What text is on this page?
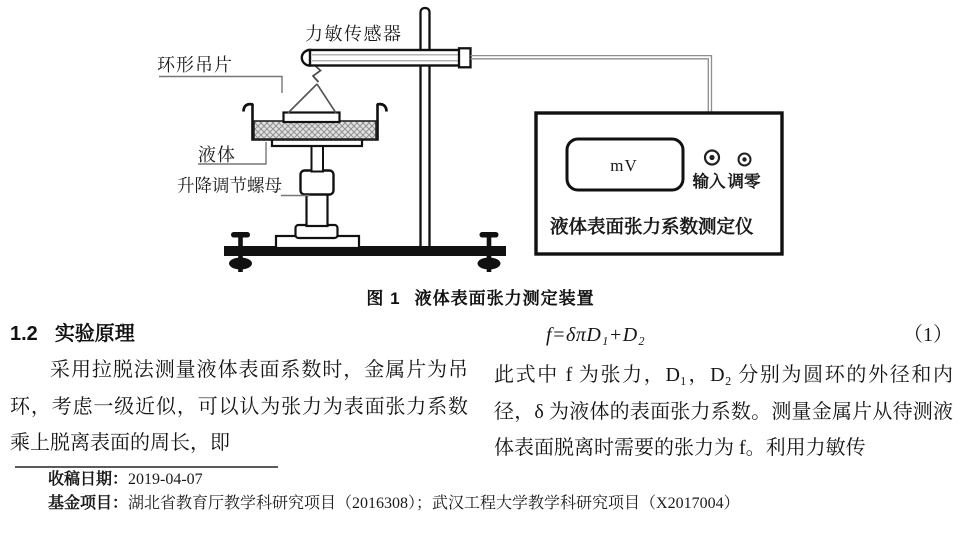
mV
输入 调零
液体表面张力系数测定仪
力敏传感器
环形吊片
液体
升降调节螺母
图 1 液体表面张力测定装置
1.2 实验原理

采用拉脱法测量液体表面系数时，金属片为吊环，考虑一级近似，可以认为张力为表面张力系数乘上脱离表面的周长，即

f=δπD₁+D₂	（1）

此式中 f 为张力，D₁，D₂ 分别为圆环的外径和内径，δ 为液体的表面张力系数。测量金属片从待测液体表面脱离时需要的张力为 f。利用力敏传

收稿日期：2019-04-07
基金项目：湖北省教育厅教学科研究项目（2016308）；武汉工程大学教学科研究项目（X2017004）
